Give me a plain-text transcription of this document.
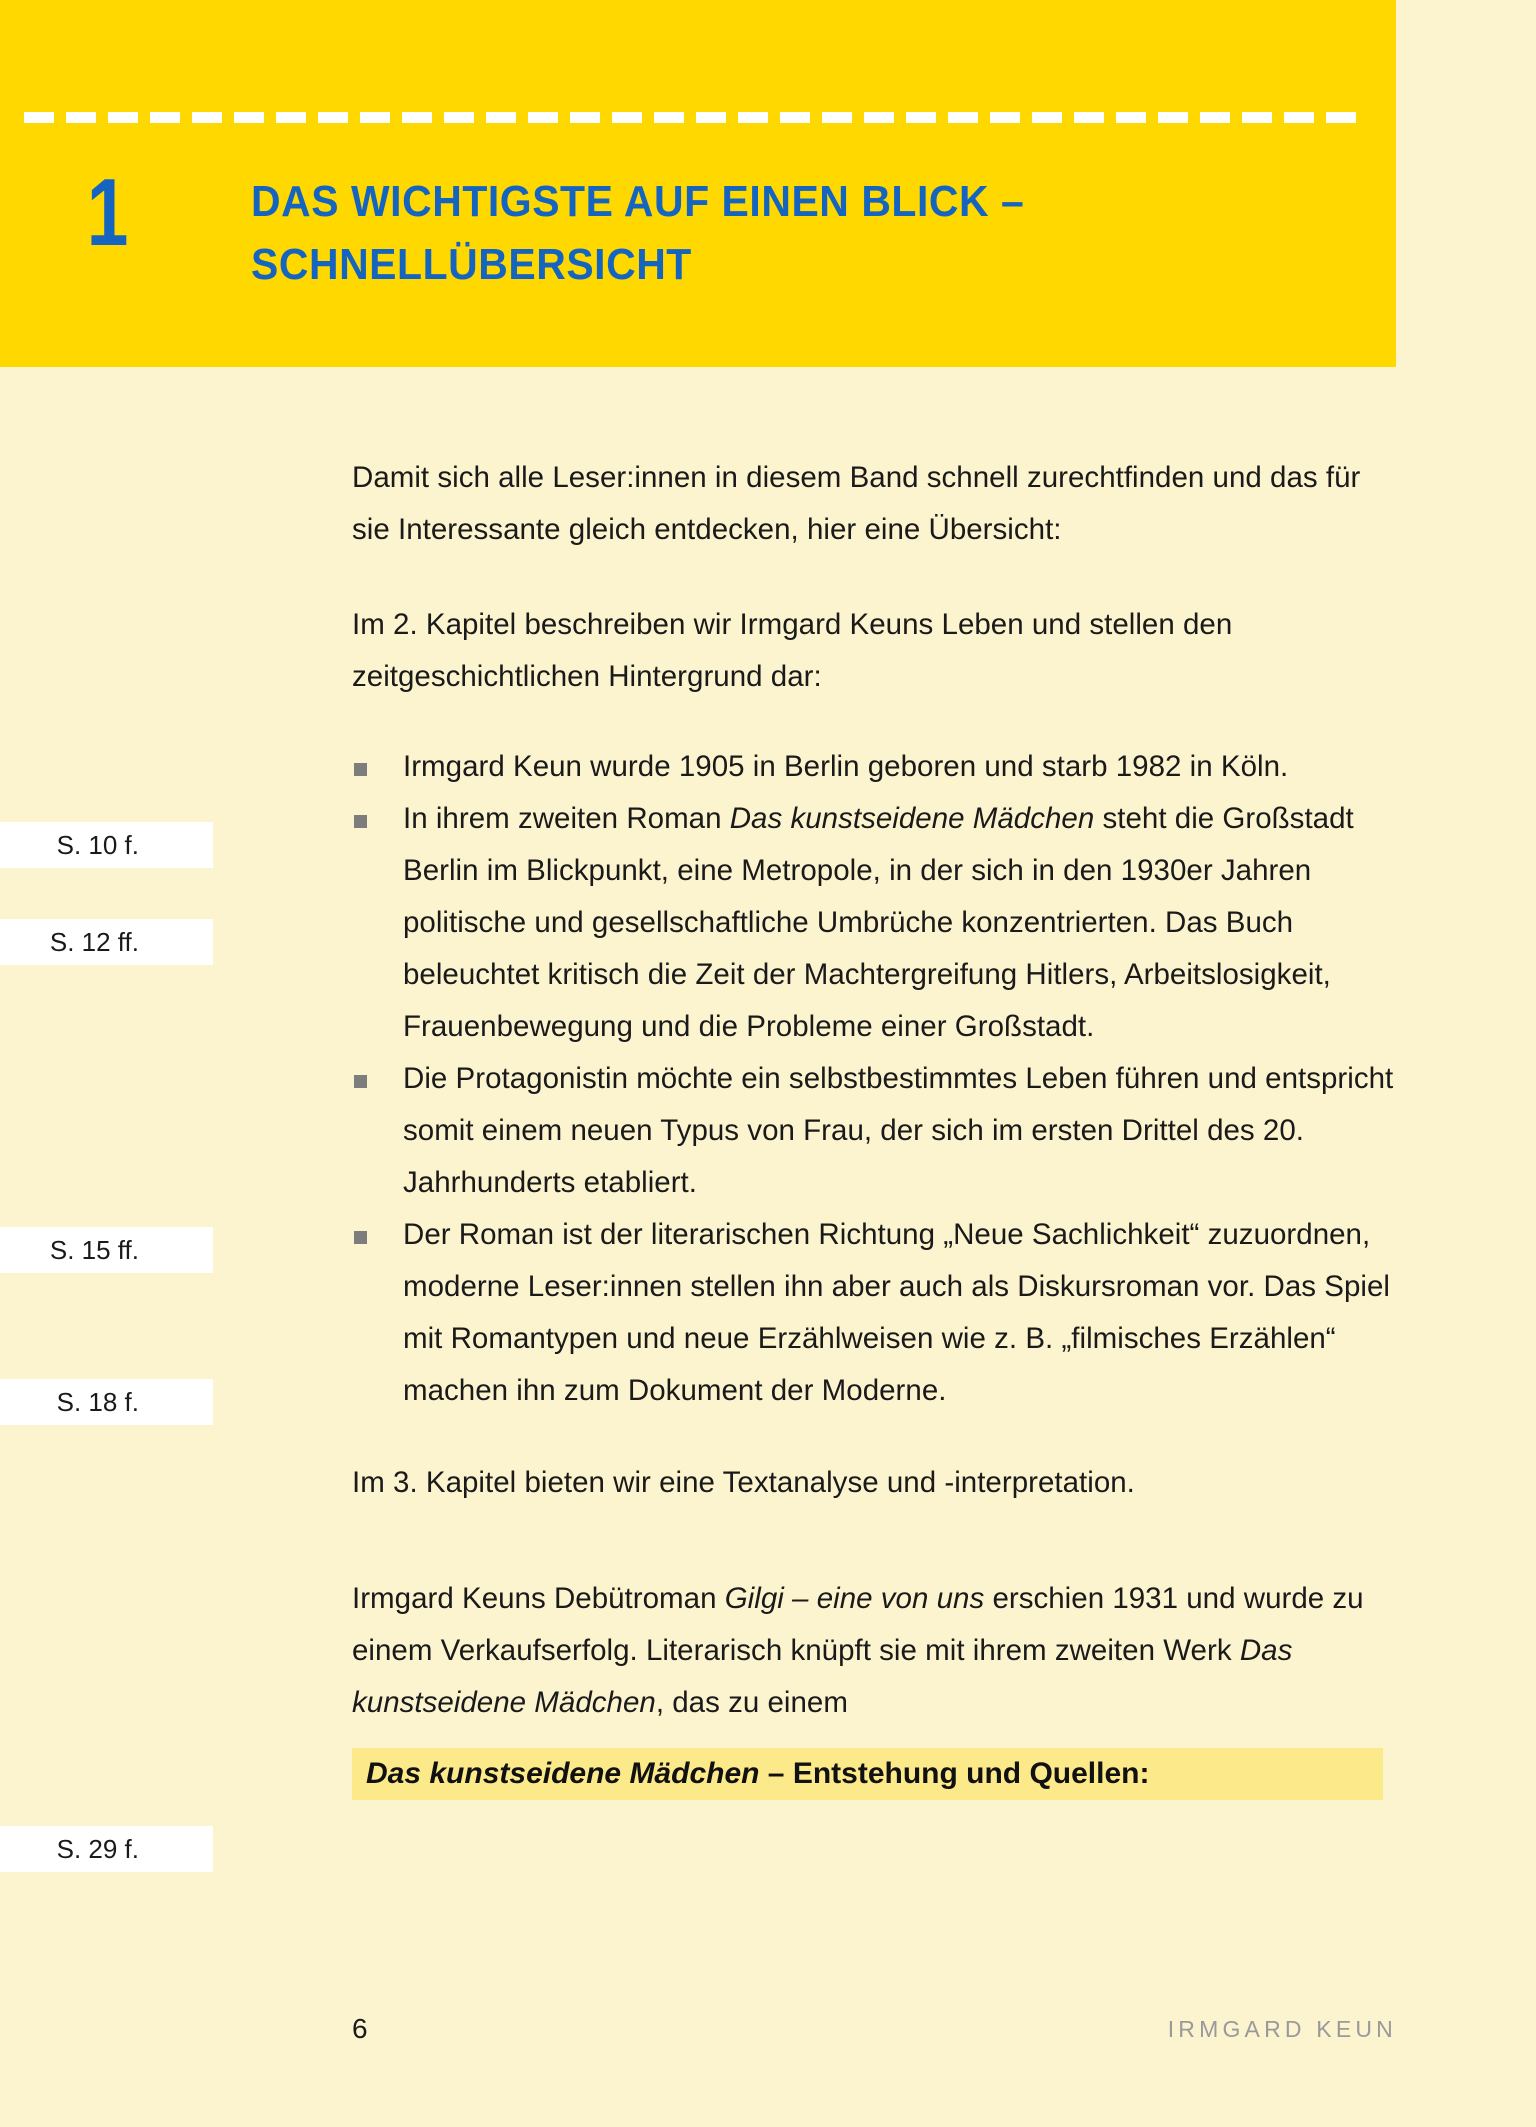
1	DAS WICHTIGSTE AUF EINEN BLICK –
SCHNELLÜBERSICHT
S. 10 f.
S. 12 ff.
S. 15 ff.
S. 18 f.
S. 29 f.
Das kunstseidene Mädchen – Entstehung und Quellen:

Damit sich alle Leser:innen in diesem Band schnell zurechtfinden und das für sie Interessante gleich entdecken, hier eine Übersicht:

Im 2. Kapitel beschreiben wir Irmgard Keuns Leben und stellen den zeitgeschichtlichen Hintergrund dar:

Irmgard Keun wurde 1905 in Berlin geboren und starb 1982 in Köln.
In ihrem zweiten Roman Das kunstseidene Mädchen steht die Großstadt Berlin im Blickpunkt, eine Metropole, in der sich in den 1930er Jahren politische und gesellschaftliche Umbrüche konzentrierten. Das Buch beleuchtet kritisch die Zeit der Machtergreifung Hitlers, Arbeitslosigkeit, Frauenbewegung und die Probleme einer Großstadt.
Die Protagonistin möchte ein selbstbestimmtes Leben führen und entspricht somit einem neuen Typus von Frau, der sich im ersten Drittel des 20. Jahrhunderts etabliert.
Der Roman ist der literarischen Richtung „Neue Sachlichkeit“ zuzuordnen, moderne Leser:innen stellen ihn aber auch als Diskursroman vor. Das Spiel mit Romantypen und neue Erzählweisen wie z. B. „filmisches Erzählen“ machen ihn zum Dokument der Moderne.

Im 3. Kapitel bieten wir eine Textanalyse und -interpretation.

Irmgard Keuns Debütroman Gilgi – eine von uns erschien 1931 und wurde zu einem Verkaufserfolg. Literarisch knüpft sie mit ihrem zweiten Werk Das kunstseidene Mädchen, das zu einem

6	IRMGARD KEUN
